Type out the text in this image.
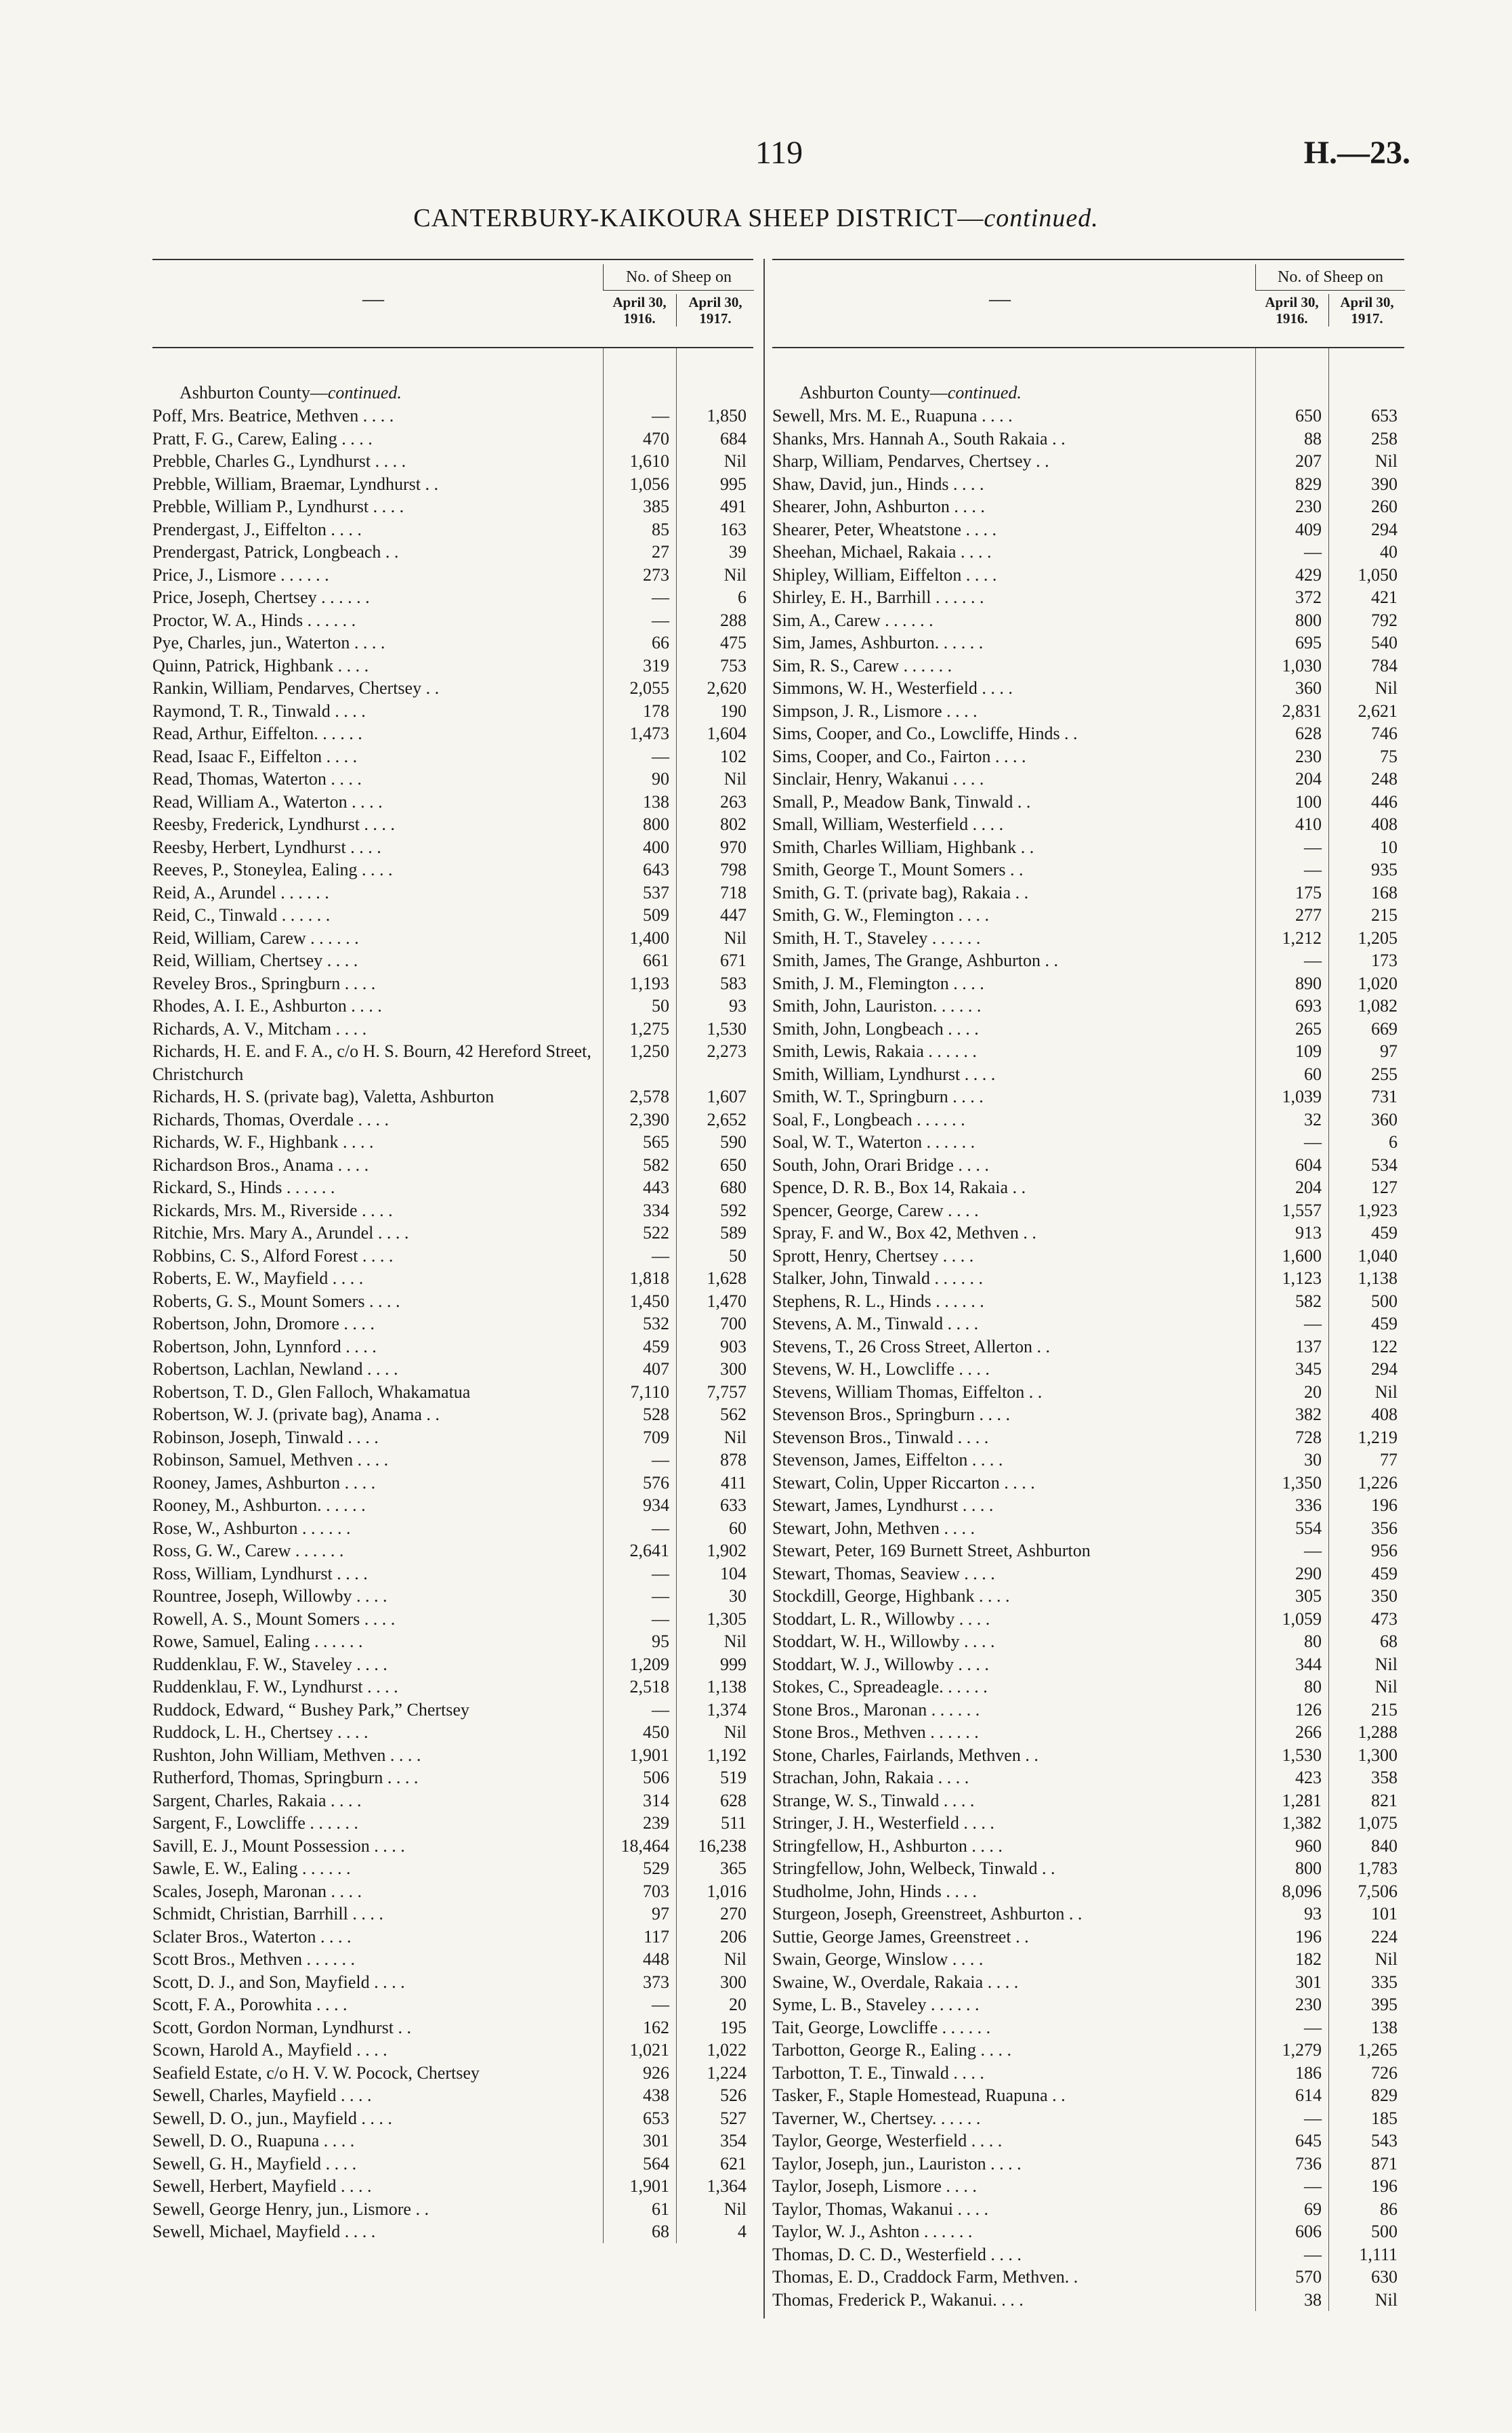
119	H.—23.
CANTERBURY-KAIKOURA SHEEP DISTRICT—continued.
—
No. of Sheep on
April 30, 1916.
April 30, 1917.
Ashburton County—continued.
Poff, Mrs. Beatrice, Methven . . . .	—	1,850
Pratt, F. G., Carew, Ealing . . . .	470	684
Prebble, Charles G., Lyndhurst . . . .	1,610	Nil
Prebble, William, Braemar, Lyndhurst . .	1,056	995
Prebble, William P., Lyndhurst . . . .	385	491
Prendergast, J., Eiffelton . . . .	85	163
Prendergast, Patrick, Longbeach . .	27	39
Price, J., Lismore . . . . . .	273	Nil
Price, Joseph, Chertsey . . . . . .	—	6
Proctor, W. A., Hinds . . . . . .	—	288
Pye, Charles, jun., Waterton . . . .	66	475
Quinn, Patrick, Highbank . . . .	319	753
Rankin, William, Pendarves, Chertsey . .	2,055	2,620
Raymond, T. R., Tinwald . . . .	178	190
Read, Arthur, Eiffelton. . . . . .	1,473	1,604
Read, Isaac F., Eiffelton . . . .	—	102
Read, Thomas, Waterton . . . .	90	Nil
Read, William A., Waterton . . . .	138	263
Reesby, Frederick, Lyndhurst . . . .	800	802
Reesby, Herbert, Lyndhurst . . . .	400	970
Reeves, P., Stoneylea, Ealing . . . .	643	798
Reid, A., Arundel . . . . . .	537	718
Reid, C., Tinwald . . . . . .	509	447
Reid, William, Carew . . . . . .	1,400	Nil
Reid, William, Chertsey . . . .	661	671
Reveley Bros., Springburn . . . .	1,193	583
Rhodes, A. I. E., Ashburton . . . .	50	93
Richards, A. V., Mitcham . . . .	1,275	1,530
Richards, H. E. and F. A., c/o H. S. Bourn, 42 Hereford Street, Christchurch
1,250	2,273
Richards, H. S. (private bag), Valetta, Ashburton	2,578	1,607
Richards, Thomas, Overdale . . . .	2,390	2,652
Richards, W. F., Highbank . . . .	565	590
Richardson Bros., Anama . . . .	582	650
Rickard, S., Hinds . . . . . .	443	680
Rickards, Mrs. M., Riverside . . . .	334	592
Ritchie, Mrs. Mary A., Arundel . . . .	522	589
Robbins, C. S., Alford Forest . . . .	—	50
Roberts, E. W., Mayfield . . . .	1,818	1,628
Roberts, G. S., Mount Somers . . . .	1,450	1,470
Robertson, John, Dromore . . . .	532	700
Robertson, John, Lynnford . . . .	459	903
Robertson, Lachlan, Newland . . . .	407	300
Robertson, T. D., Glen Falloch, Whakamatua	7,110	7,757
Robertson, W. J. (private bag), Anama . .	528	562
Robinson, Joseph, Tinwald . . . .	709	Nil
Robinson, Samuel, Methven . . . .	—	878
Rooney, James, Ashburton . . . .	576	411
Rooney, M., Ashburton. . . . . .	934	633
Rose, W., Ashburton . . . . . .	—	60
Ross, G. W., Carew . . . . . .	2,641	1,902
Ross, William, Lyndhurst . . . .	—	104
Rountree, Joseph, Willowby . . . .	—	30
Rowell, A. S., Mount Somers . . . .	—	1,305
Rowe, Samuel, Ealing . . . . . .	95	Nil
Ruddenklau, F. W., Staveley . . . .	1,209	999
Ruddenklau, F. W., Lyndhurst . . . .	2,518	1,138
Ruddock, Edward, “ Bushey Park,” Chertsey	—	1,374
Ruddock, L. H., Chertsey . . . .	450	Nil
Rushton, John William, Methven . . . .	1,901	1,192
Rutherford, Thomas, Springburn . . . .	506	519
Sargent, Charles, Rakaia . . . .	314	628
Sargent, F., Lowcliffe . . . . . .	239	511
Savill, E. J., Mount Possession . . . .	18,464	16,238
Sawle, E. W., Ealing . . . . . .	529	365
Scales, Joseph, Maronan . . . .	703	1,016
Schmidt, Christian, Barrhill . . . .	97	270
Sclater Bros., Waterton . . . .	117	206
Scott Bros., Methven . . . . . .	448	Nil
Scott, D. J., and Son, Mayfield . . . .	373	300
Scott, F. A., Porowhita . . . .	—	20
Scott, Gordon Norman, Lyndhurst . .	162	195
Scown, Harold A., Mayfield . . . .	1,021	1,022
Seafield Estate, c/o H. V. W. Pocock, Chertsey	926	1,224
Sewell, Charles, Mayfield . . . .	438	526
Sewell, D. O., jun., Mayfield . . . .	653	527
Sewell, D. O., Ruapuna . . . .	301	354
Sewell, G. H., Mayfield . . . .	564	621
Sewell, Herbert, Mayfield . . . .	1,901	1,364
Sewell, George Henry, jun., Lismore . .	61	Nil
Sewell, Michael, Mayfield . . . .	68	4
—
No. of Sheep on
April 30, 1916.
April 30, 1917.
Ashburton County—continued.
Sewell, Mrs. M. E., Ruapuna . . . .	650	653
Shanks, Mrs. Hannah A., South Rakaia . .	88	258
Sharp, William, Pendarves, Chertsey . .	207	Nil
Shaw, David, jun., Hinds . . . .	829	390
Shearer, John, Ashburton . . . .	230	260
Shearer, Peter, Wheatstone . . . .	409	294
Sheehan, Michael, Rakaia . . . .	—	40
Shipley, William, Eiffelton . . . .	429	1,050
Shirley, E. H., Barrhill . . . . . .	372	421
Sim, A., Carew . . . . . .	800	792
Sim, James, Ashburton. . . . . .	695	540
Sim, R. S., Carew . . . . . .	1,030	784
Simmons, W. H., Westerfield . . . .	360	Nil
Simpson, J. R., Lismore . . . .	2,831	2,621
Sims, Cooper, and Co., Lowcliffe, Hinds . .	628	746
Sims, Cooper, and Co., Fairton . . . .	230	75
Sinclair, Henry, Wakanui . . . .	204	248
Small, P., Meadow Bank, Tinwald . .	100	446
Small, William, Westerfield . . . .	410	408
Smith, Charles William, Highbank . .	—	10
Smith, George T., Mount Somers . .	—	935
Smith, G. T. (private bag), Rakaia . .	175	168
Smith, G. W., Flemington . . . .	277	215
Smith, H. T., Staveley . . . . . .	1,212	1,205
Smith, James, The Grange, Ashburton . .	—	173
Smith, J. M., Flemington . . . .	890	1,020
Smith, John, Lauriston. . . . . .	693	1,082
Smith, John, Longbeach . . . .	265	669
Smith, Lewis, Rakaia . . . . . .	109	97
Smith, William, Lyndhurst . . . .	60	255
Smith, W. T., Springburn . . . .	1,039	731
Soal, F., Longbeach . . . . . .	32	360
Soal, W. T., Waterton . . . . . .	—	6
South, John, Orari Bridge . . . .	604	534
Spence, D. R. B., Box 14, Rakaia . .	204	127
Spencer, George, Carew . . . .	1,557	1,923
Spray, F. and W., Box 42, Methven . .	913	459
Sprott, Henry, Chertsey . . . .	1,600	1,040
Stalker, John, Tinwald . . . . . .	1,123	1,138
Stephens, R. L., Hinds . . . . . .	582	500
Stevens, A. M., Tinwald . . . .	—	459
Stevens, T., 26 Cross Street, Allerton . .	137	122
Stevens, W. H., Lowcliffe . . . .	345	294
Stevens, William Thomas, Eiffelton . .	20	Nil
Stevenson Bros., Springburn . . . .	382	408
Stevenson Bros., Tinwald . . . .	728	1,219
Stevenson, James, Eiffelton . . . .	30	77
Stewart, Colin, Upper Riccarton . . . .	1,350	1,226
Stewart, James, Lyndhurst . . . .	336	196
Stewart, John, Methven . . . .	554	356
Stewart, Peter, 169 Burnett Street, Ashburton	—	956
Stewart, Thomas, Seaview . . . .	290	459
Stockdill, George, Highbank . . . .	305	350
Stoddart, L. R., Willowby . . . .	1,059	473
Stoddart, W. H., Willowby . . . .	80	68
Stoddart, W. J., Willowby . . . .	344	Nil
Stokes, C., Spreadeagle. . . . . .	80	Nil
Stone Bros., Maronan . . . . . .	126	215
Stone Bros., Methven . . . . . .	266	1,288
Stone, Charles, Fairlands, Methven . .	1,530	1,300
Strachan, John, Rakaia . . . .	423	358
Strange, W. S., Tinwald . . . .	1,281	821
Stringer, J. H., Westerfield . . . .	1,382	1,075
Stringfellow, H., Ashburton . . . .	960	840
Stringfellow, John, Welbeck, Tinwald . .	800	1,783
Studholme, John, Hinds . . . .	8,096	7,506
Sturgeon, Joseph, Greenstreet, Ashburton . .	93	101
Suttie, George James, Greenstreet . .	196	224
Swain, George, Winslow . . . .	182	Nil
Swaine, W., Overdale, Rakaia . . . .	301	335
Syme, L. B., Staveley . . . . . .	230	395
Tait, George, Lowcliffe . . . . . .	—	138
Tarbotton, George R., Ealing . . . .	1,279	1,265
Tarbotton, T. E., Tinwald . . . .	186	726
Tasker, F., Staple Homestead, Ruapuna . .	614	829
Taverner, W., Chertsey. . . . . .	—	185
Taylor, George, Westerfield . . . .	645	543
Taylor, Joseph, jun., Lauriston . . . .	736	871
Taylor, Joseph, Lismore . . . .	—	196
Taylor, Thomas, Wakanui . . . .	69	86
Taylor, W. J., Ashton . . . . . .	606	500
Thomas, D. C. D., Westerfield . . . .	—	1,111
Thomas, E. D., Craddock Farm, Methven. .	570	630
Thomas, Frederick P., Wakanui. . . .	38	Nil
